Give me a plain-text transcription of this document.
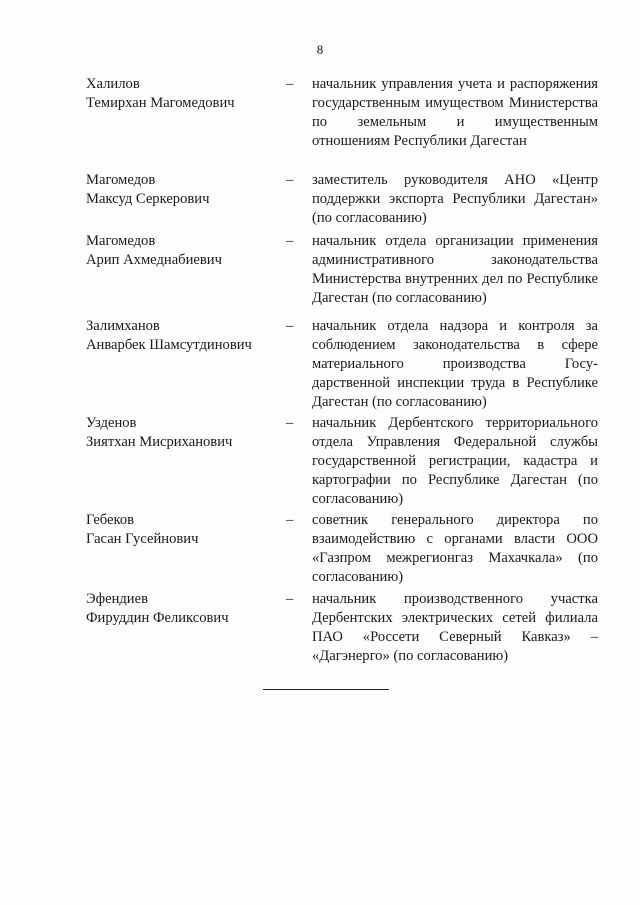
8
Халилов
Темирхан Магомедович
– начальник управления учета и распоряжения государственным имуществом Министерства по земельным и имущественным отношениям Республики Дагестан
Магомедов
Максуд Серкерович
– заместитель руководителя АНО «Центр поддержки экспорта Республики Дагестан» (по согласованию)
Магомедов
Арип Ахмеднабиевич
– начальник отдела организации применения административного законодательства Министерства внутренних дел по Республике Дагестан (по согласованию)
Залимханов
Анварбек Шамсутдинович
– начальник отдела надзора и контроля за соблюдением законодательства в сфере материального производства Государственной инспекции труда в Республике Дагестан (по согласованию)
Узденов
Зиятхан Мисриханович
– начальник Дербентского территориального отдела Управления Федеральной службы государственной регистрации, кадастра и картографии по Республике Дагестан (по согласованию)
Гебеков
Гасан Гусейнович
– советник генерального директора по взаимодействию с органами власти ООО «Газпром межрегионгаз Махачкала» (по согласованию)
Эфендиев
Фируддин Феликсович
– начальник производственного участка Дербентских электрических сетей филиала ПАО «Россети Северный Кавказ» – «Дагэнерго» (по согласованию)
